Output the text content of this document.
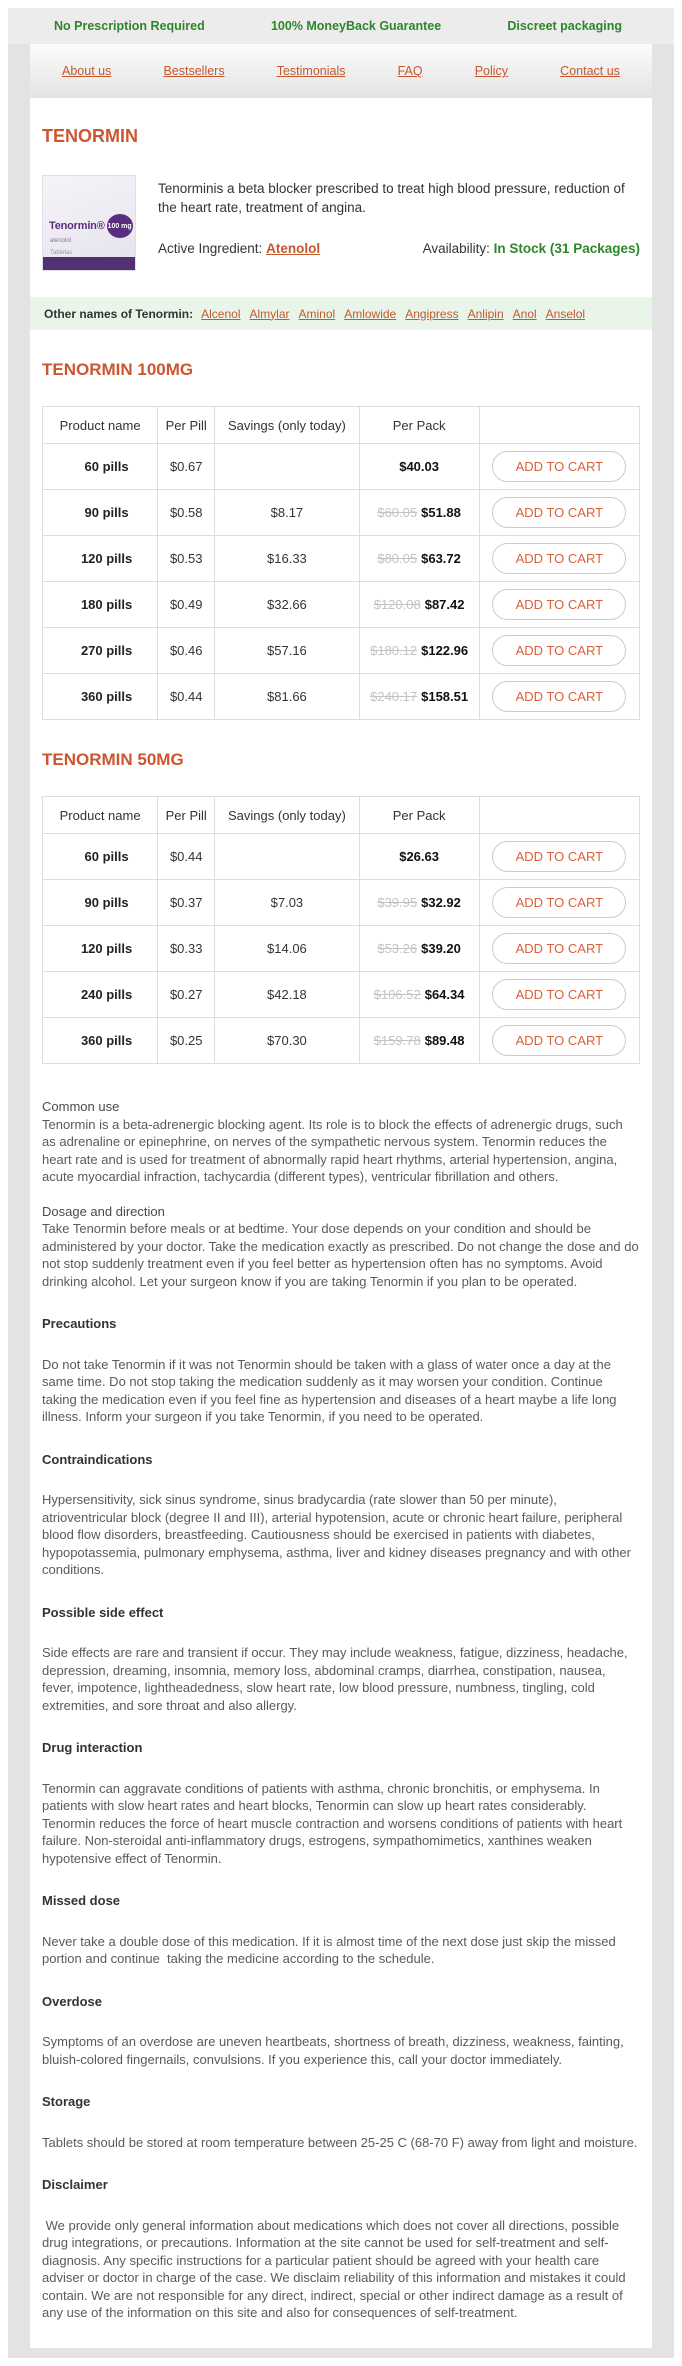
No Prescription Required	100% MoneyBack Guarantee	Discreet packaging
About us	Bestsellers	Testimonials	FAQ	Policy	Contact us
TENORMIN
Tenormin® 100 mg
atenolol
Tabletas
Tenorminis a beta blocker prescribed to treat high blood pressure, reduction of the heart rate, treatment of angina.
Active Ingredient: Atenolol	Availability: In Stock (31 Packages)
Other names of Tenormin: Alcenol Almylar Aminol Amlowide Angipress Anlipin Anol Anselol
TENORMIN 100MG
Product name	Per Pill	Savings (only today)	Per Pack	
60 pills	$0.67		$40.03	ADD TO CART
90 pills	$0.58	$8.17	$60.05 $51.88	ADD TO CART
120 pills	$0.53	$16.33	$80.05 $63.72	ADD TO CART
180 pills	$0.49	$32.66	$120.08 $87.42	ADD TO CART
270 pills	$0.46	$57.16	$180.12 $122.96	ADD TO CART
360 pills	$0.44	$81.66	$240.17 $158.51	ADD TO CART
TENORMIN 50MG
Product name	Per Pill	Savings (only today)	Per Pack	
60 pills	$0.44		$26.63	ADD TO CART
90 pills	$0.37	$7.03	$39.95 $32.92	ADD TO CART
120 pills	$0.33	$14.06	$53.26 $39.20	ADD TO CART
240 pills	$0.27	$42.18	$106.52 $64.34	ADD TO CART
360 pills	$0.25	$70.30	$159.78 $89.48	ADD TO CART
Common use

Tenormin is a beta-adrenergic blocking agent. Its role is to block the effects of adrenergic drugs, such as adrenaline or epinephrine, on nerves of the sympathetic nervous system. Tenormin reduces the heart rate and is used for treatment of abnormally rapid heart rhythms, arterial hypertension, angina, acute myocardial infraction, tachycardia (different types), ventricular fibrillation and others.

Dosage and direction

Take Tenormin before meals or at bedtime. Your dose depends on your condition and should be administered by your doctor. Take the medication exactly as prescribed. Do not change the dose and do not stop suddenly treatment even if you feel better as hypertension often has no symptoms. Avoid drinking alcohol. Let your surgeon know if you are taking Tenormin if you plan to be operated.

Precautions

Do not take Tenormin if it was not Tenormin should be taken with a glass of water once a day at the same time. Do not stop taking the medication suddenly as it may worsen your condition. Continue taking the medication even if you feel fine as hypertension and diseases of a heart maybe a life long illness. Inform your surgeon if you take Tenormin, if you need to be operated.

Contraindications

Hypersensitivity, sick sinus syndrome, sinus bradycardia (rate slower than 50 per minute), atrioventricular block (degree II and III), arterial hypotension, acute or chronic heart failure, peripheral blood flow disorders, breastfeeding. Cautiousness should be exercised in patients with diabetes, hypopotassemia, pulmonary emphysema, asthma, liver and kidney diseases pregnancy and with other conditions.

Possible side effect

Side effects are rare and transient if occur. They may include weakness, fatigue, dizziness, headache, depression, dreaming, insomnia, memory loss, abdominal cramps, diarrhea, constipation, nausea, fever, impotence, lightheadedness, slow heart rate, low blood pressure, numbness, tingling, cold extremities, and sore throat and also allergy.

Drug interaction

Tenormin can aggravate conditions of patients with asthma, chronic bronchitis, or emphysema. In patients with slow heart rates and heart blocks, Tenormin can slow up heart rates considerably. Tenormin reduces the force of heart muscle contraction and worsens conditions of patients with heart failure. Non-steroidal anti-inflammatory drugs, estrogens, sympathomimetics, xanthines weaken hypotensive effect of Tenormin.

Missed dose

Never take a double dose of this medication. If it is almost time of the next dose just skip the missed portion and continue  taking the medicine according to the schedule.

Overdose

Symptoms of an overdose are uneven heartbeats, shortness of breath, dizziness, weakness, fainting, bluish-colored fingernails, convulsions. If you experience this, call your doctor immediately.

Storage

Tablets should be stored at room temperature between 25-25 C (68-70 F) away from light and moisture.

Disclaimer

We provide only general information about medications which does not cover all directions, possible drug integrations, or precautions. Information at the site cannot be used for self-treatment and self-diagnosis. Any specific instructions for a particular patient should be agreed with your health care adviser or doctor in charge of the case. We disclaim reliability of this information and mistakes it could contain. We are not responsible for any direct, indirect, special or other indirect damage as a result of any use of the information on this site and also for consequences of self-treatment.
